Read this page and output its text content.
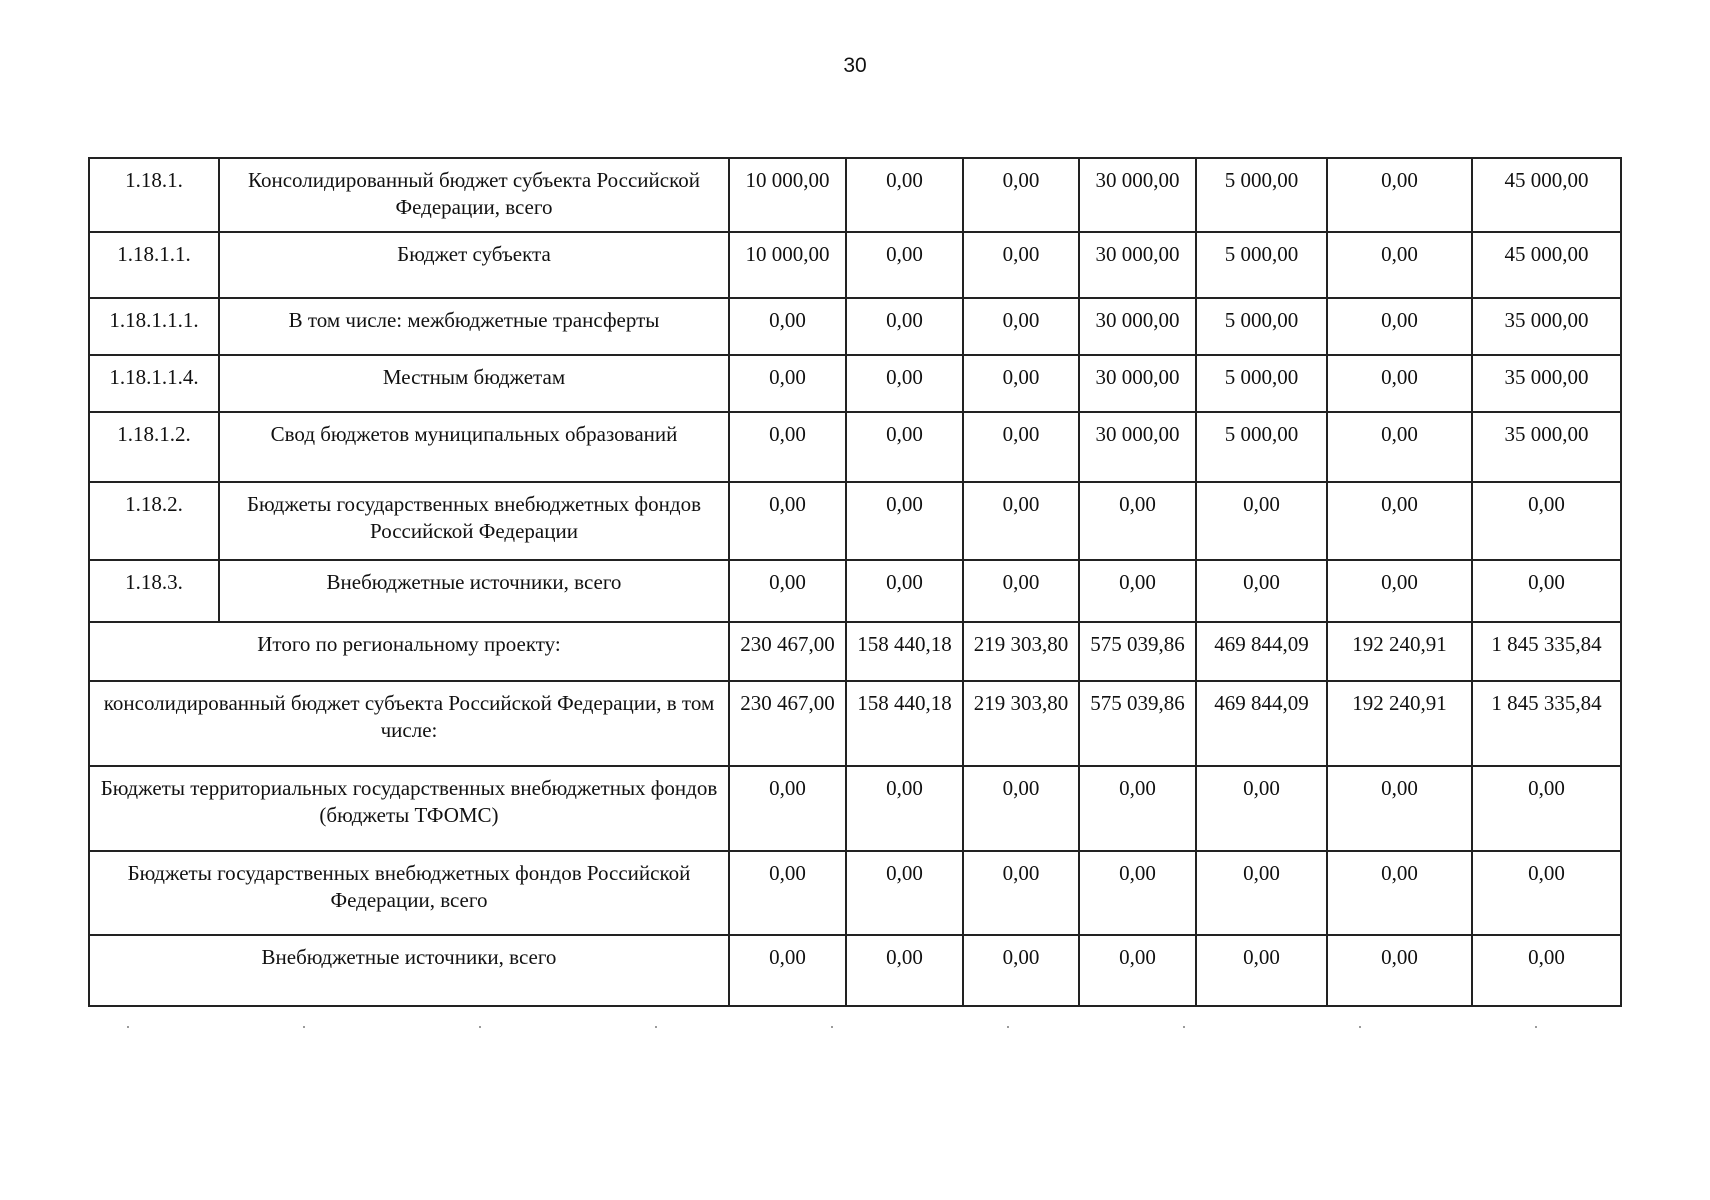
30
1.18.1.	Консолидированный бюджет субъекта Российской Федерации, всего	10 000,00	0,00	0,00	30 000,00	5 000,00	0,00	45 000,00
1.18.1.1.	Бюджет субъекта	10 000,00	0,00	0,00	30 000,00	5 000,00	0,00	45 000,00
1.18.1.1.1.	В том числе: межбюджетные трансферты	0,00	0,00	0,00	30 000,00	5 000,00	0,00	35 000,00
1.18.1.1.4.	Местным бюджетам	0,00	0,00	0,00	30 000,00	5 000,00	0,00	35 000,00
1.18.1.2.	Свод бюджетов муниципальных образований	0,00	0,00	0,00	30 000,00	5 000,00	0,00	35 000,00
1.18.2.	Бюджеты государственных внебюджетных фондов Российской Федерации	0,00	0,00	0,00	0,00	0,00	0,00	0,00
1.18.3.	Внебюджетные источники, всего	0,00	0,00	0,00	0,00	0,00	0,00	0,00
Итого по региональному проекту:		230 467,00	158 440,18	219 303,80	575 039,86	469 844,09	192 240,91	1 845 335,84
консолидированный бюджет субъекта Российской Федерации, в том числе:		230 467,00	158 440,18	219 303,80	575 039,86	469 844,09	192 240,91	1 845 335,84
Бюджеты территориальных государственных внебюджетных фондов (бюджеты ТФОМС)		0,00	0,00	0,00	0,00	0,00	0,00	0,00
Бюджеты государственных внебюджетных фондов Российской Федерации, всего		0,00	0,00	0,00	0,00	0,00	0,00	0,00
Внебюджетные источники, всего		0,00	0,00	0,00	0,00	0,00	0,00	0,00
